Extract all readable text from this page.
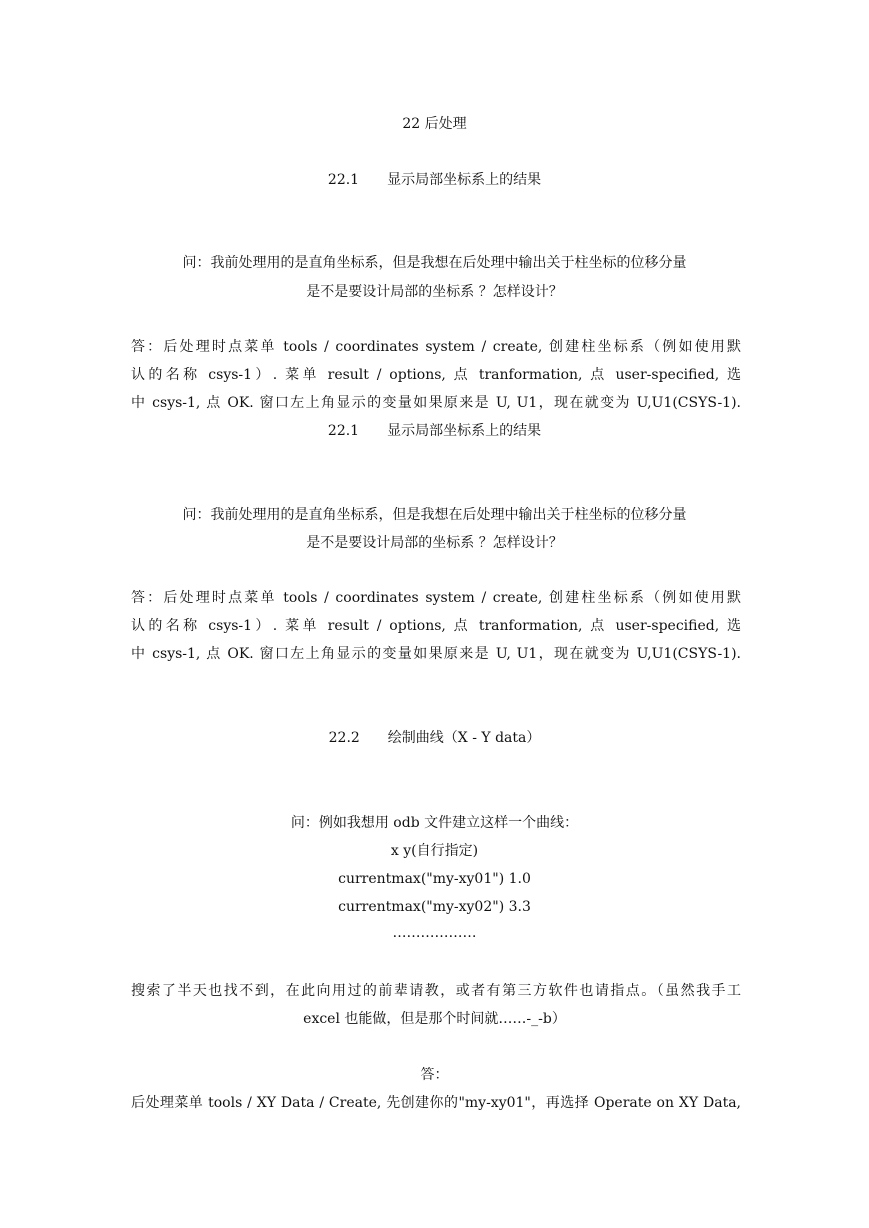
22 后处理
22.1 显示局部坐标系上的结果
问：我前处理用的是直角坐标系，但是我想在后处理中输出关于柱坐标的位移分量
是不是要设计局部的坐标系 ？怎样设计？
答：后处理时点菜单 tools / coordinates system / create, 创建柱坐标系（例如使用默
认的名称 csys-1）. 菜单 result / options, 点 tranformation, 点 user-specified, 选
中 csys-1, 点 OK. 窗口左上角显示的变量如果原来是 U, U1，现在就变为 U,U1(CSYS-1).
22.1 显示局部坐标系上的结果
问：我前处理用的是直角坐标系，但是我想在后处理中输出关于柱坐标的位移分量
是不是要设计局部的坐标系 ？怎样设计？
答：后处理时点菜单 tools / coordinates system / create, 创建柱坐标系（例如使用默
认的名称 csys-1）. 菜单 result / options, 点 tranformation, 点 user-specified, 选
中 csys-1, 点 OK. 窗口左上角显示的变量如果原来是 U, U1，现在就变为 U,U1(CSYS-1).
22.2 绘制曲线（X - Y data）
问：例如我想用 odb 文件建立这样一个曲线：
x y(自行指定)
currentmax("my-xy01") 1.0
currentmax("my-xy02") 3.3
………………
搜索了半天也找不到，在此向用过的前辈请教，或者有第三方软件也请指点。（虽然我手工
excel 也能做，但是那个时间就……-_-b）
答：
后处理菜单 tools / XY Data / Create, 先创建你的"my-xy01"，再选择 Operate on XY Data,
